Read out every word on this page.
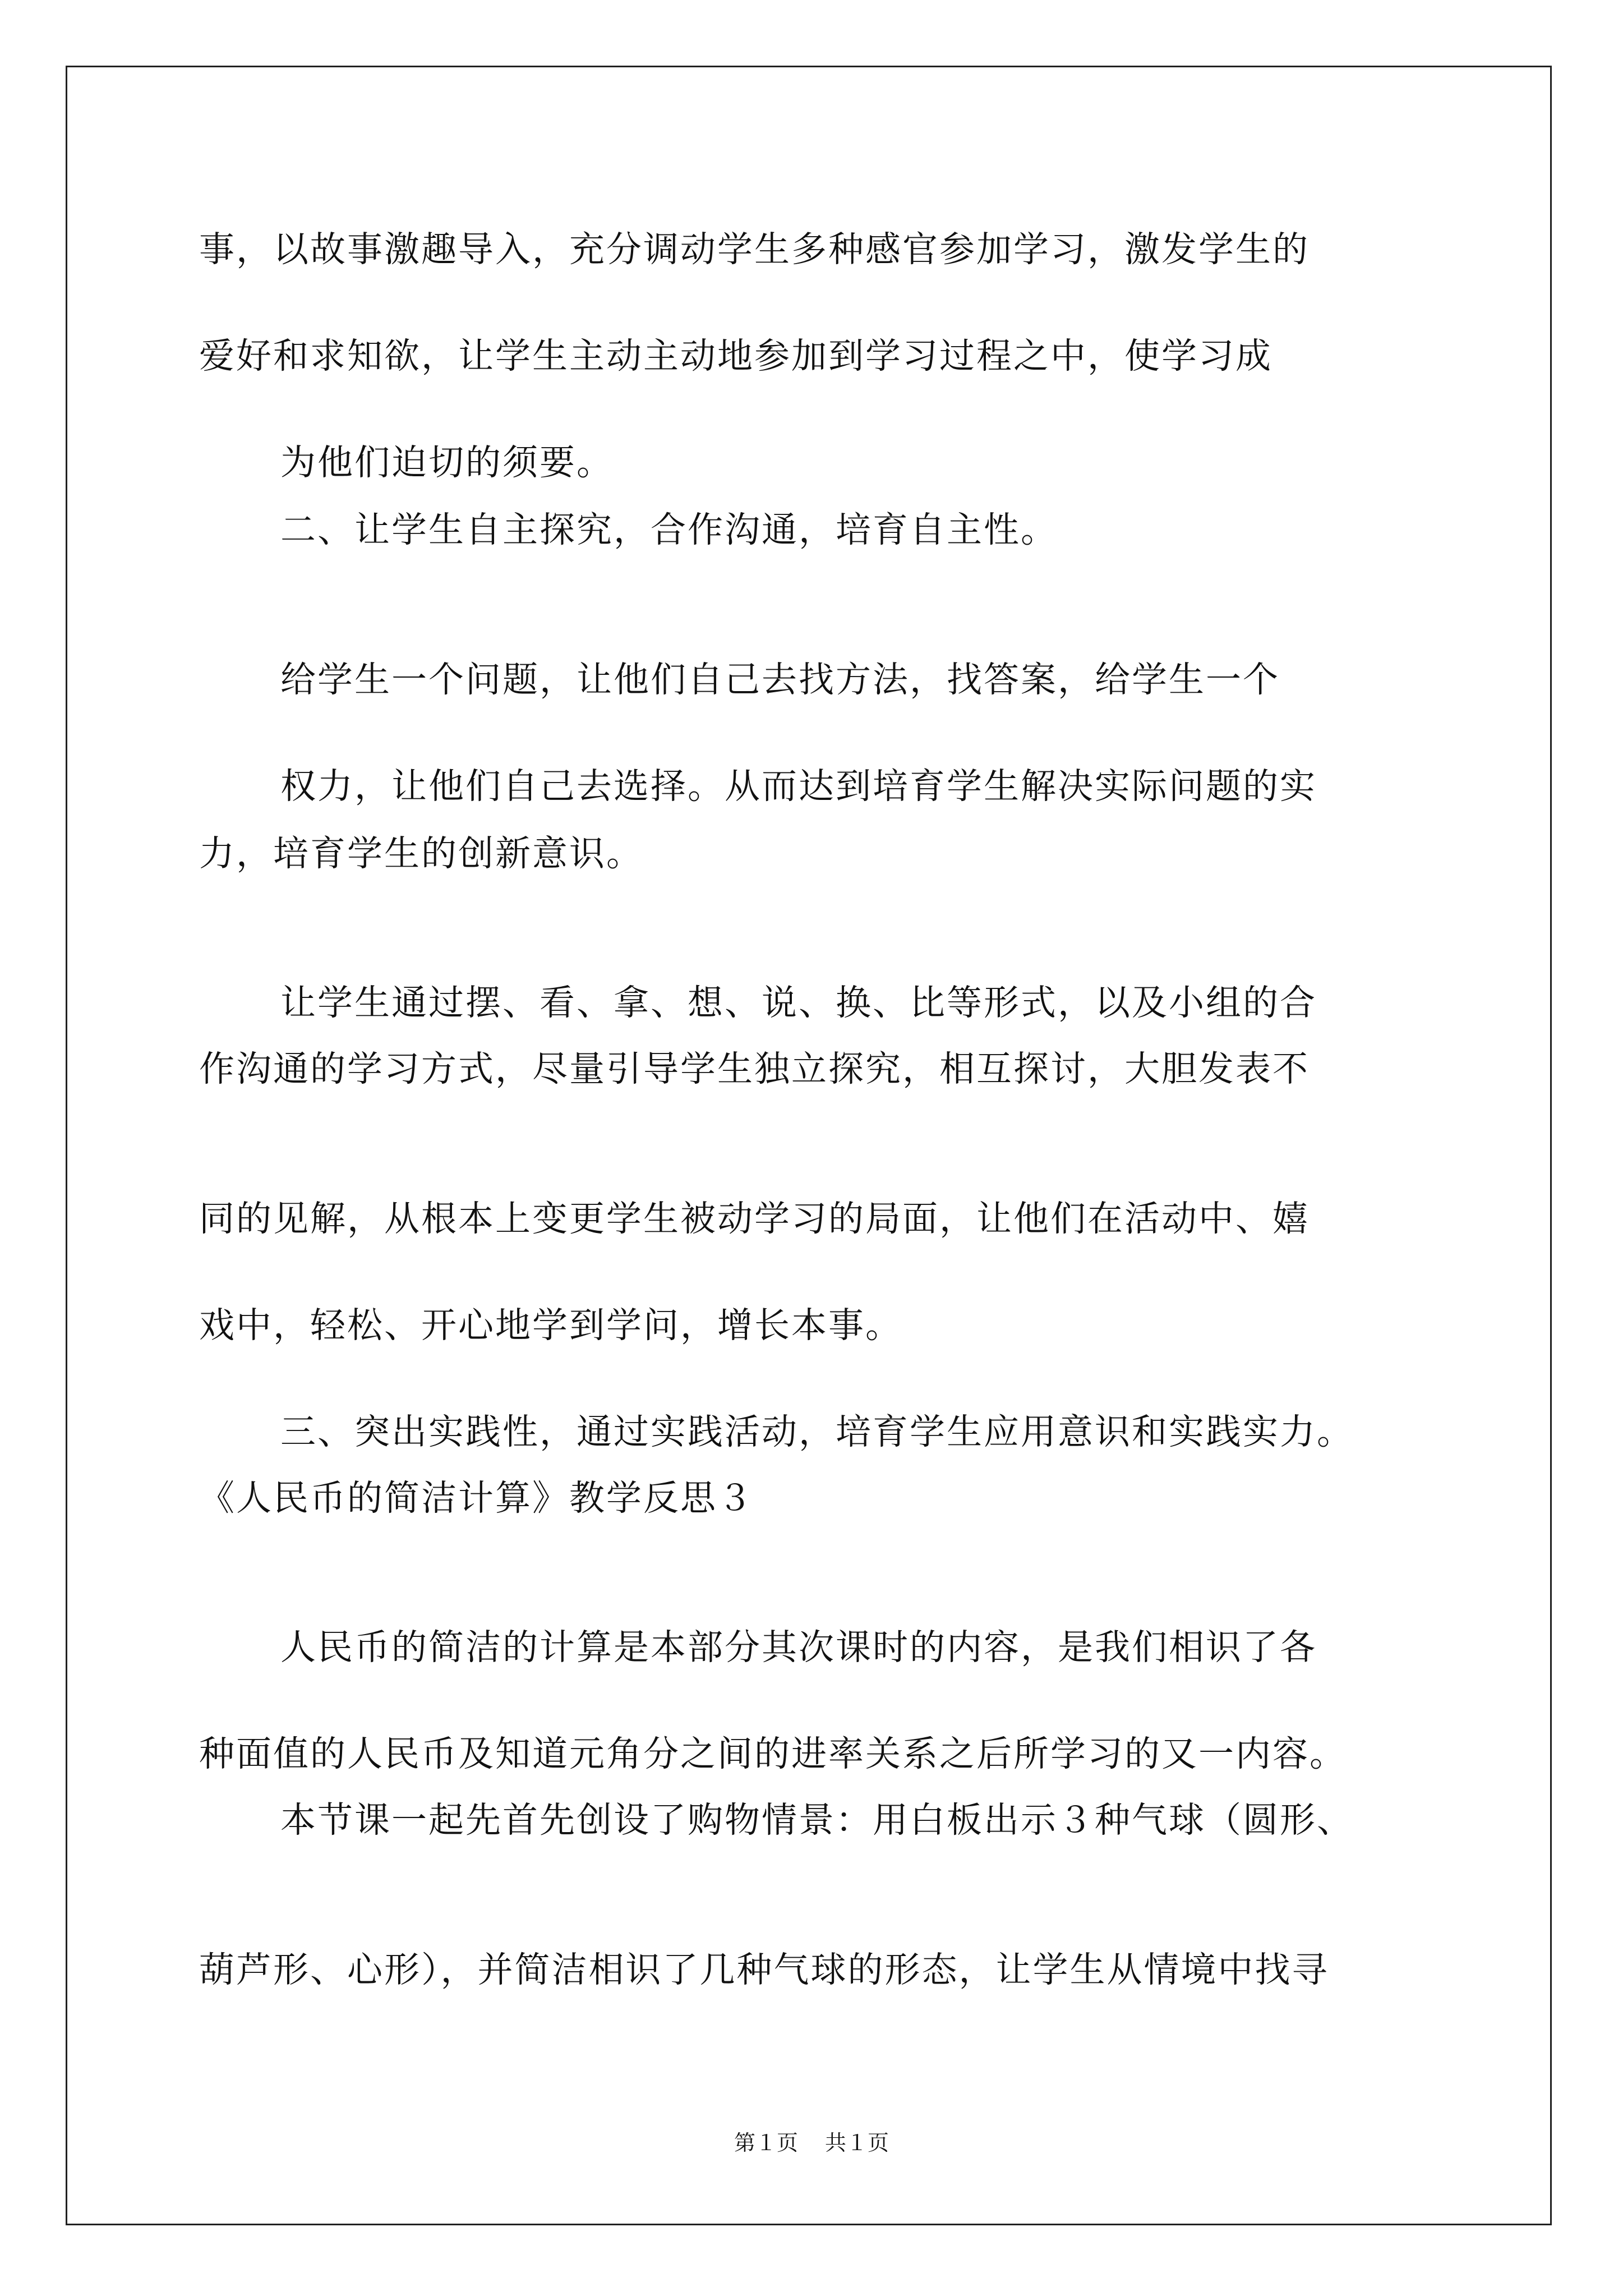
事，以故事激趣导入，充分调动学生多种感官参加学习，激发学生的
爱好和求知欲，让学生主动主动地参加到学习过程之中，使学习成
为他们迫切的须要。
二、让学生自主探究，合作沟通，培育自主性。
给学生一个问题，让他们自己去找方法，找答案，给学生一个
权力，让他们自己去选择。从而达到培育学生解决实际问题的实
力，培育学生的创新意识。
让学生通过摆、看、拿、想、说、换、比等形式，以及小组的合
作沟通的学习方式，尽量引导学生独立探究，相互探讨，大胆发表不
同的见解，从根本上变更学生被动学习的局面，让他们在活动中、嬉
戏中，轻松、开心地学到学问，增长本事。
三、突出实践性，通过实践活动，培育学生应用意识和实践实力。
《人民币的简洁计算》教学反思３
人民币的简洁的计算是本部分其次课时的内容，是我们相识了各
种面值的人民币及知道元角分之间的进率关系之后所学习的又一内容。
本节课一起先首先创设了购物情景：用白板出示３种气球（圆形、
葫芦形、心形），并简洁相识了几种气球的形态，让学生从情境中找寻
第１页 共１页
